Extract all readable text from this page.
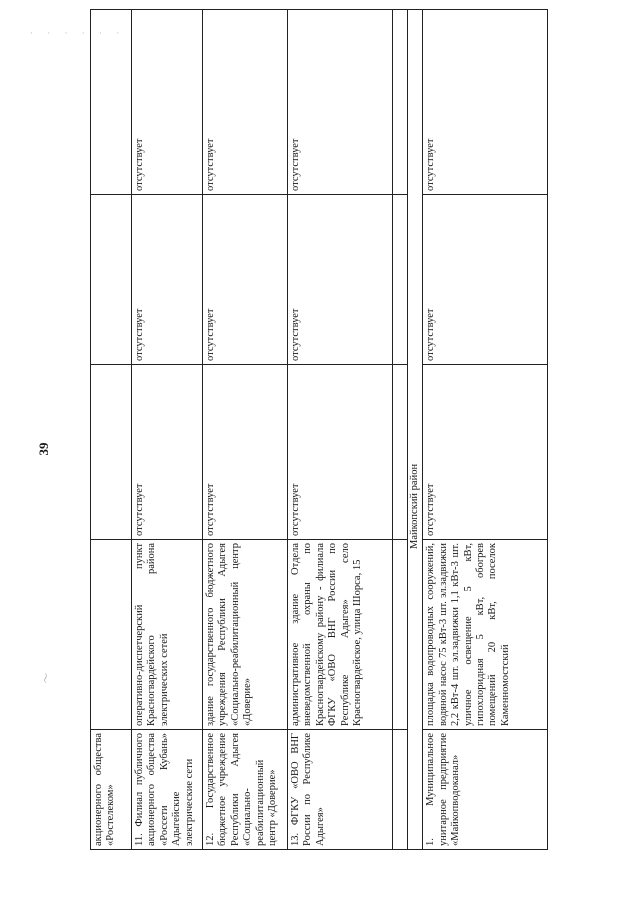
· · · · · ·
39
〜
акционерного общества «Ростелеком»				
11. Филиал публичного акционерного общества «Россети Кубань» Адыгейские электрические сети	оперативно-диспетчерский пункт Красногвардейского района электрических сетей	отсутствует	отсутствует	отсутствует
12. Государственное бюджетное учреждение Республики Адыгея «Социально-реабилитационный центр «Доверие»	здание государственного бюджетного учреждения Республики Адыгея «Социально-реабилитационный центр «Доверие»	отсутствует	отсутствует	отсутствует
13. ФГКУ «ОВО ВНГ России по Республике Адыгея»	административное здание Отдела вневедомственной охраны по Красногвардейскому району - филиала ФГКУ «ОВО ВНГ России по Республике Адыгея» село Красногвардейское, улица Шорса, 15	отсутствует	отсутствует	отсутствует

Майкопский район				
1. Муниципальное унитарное предприятие «Майкопводоканал»	площадка водопроводных сооружений, водяной насос 75 кВт-3 шт. эл.задвижки 2,2 кВт-4 шт. эл.задвижки 1,1 кВт-3 шт. уличное освещение 5 кВт, гипохлоридная 5 кВт, обогрев помещений 20 кВт, поселок Каменномостский	отсутствует	отсутствует	отсутствует
